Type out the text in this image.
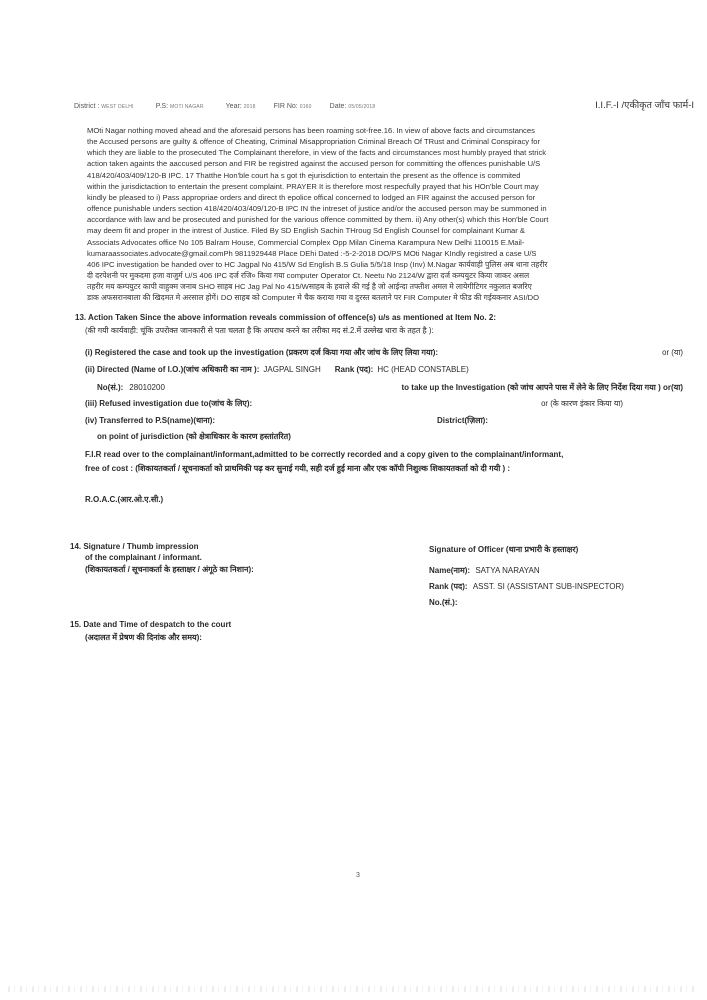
District : WEST DELHI	P.S: MOTI NAGAR	Year: 2018	FIR No: 0160	Date: 05/05/2018	I.I.F.-I /एकीकृत जाँच फार्म-I
MOti Nagar nothing moved ahead and the aforesaid persons has been roaming sot-free.16. In view of above facts and circumstances
the Accused persons are guilty & offence of Cheating, Criminal Misappropriation Criminal Breach Of TRust and Criminal Conspiracy for
which they are liable to the prosecuted The Complainant therefore, in view of the facts and circumstances most humbly prayed that strick
action taken againts the aaccused person and FIR be registred against the accused person for committing the offences punishable U/S
418/420/403/409/120-B IPC. 17 Thatthe Hon'ble court ha s got th ejurisdiction to entertain the present as the offence is commited
within the jurisdictaction to entertain the present complaint. PRAYER It is therefore most respecfully prayed that his HOn'ble Court may
kindly be pleased to i) Pass appropriae orders and direct th epolice offical concerned to lodged an FIR against the accused person for
offence punishable unders section 418/420/403/409/120-B IPC IN the intreset of justice and/or the accused person may be summoned in
accordance with law and be prosecuted and punished for the various offence committed by them. ii) Any other(s) which this Hon'ble Court
may deem fit and proper in the intrest of Justice. Filed By SD English Sachin THroug Sd English Counsel for complainant Kumar &
Associats Advocates office No 105 Balram House, Commercial Complex Opp Milan Cinema Karampura New Delhi 110015 E.Mail-
kumaraassociates.advocate@gmail.comPh 9811929448 Place DEhi Dated :-5-2-2018 DO/PS MOti Nagar KIndly registred a case U/S
406 IPC investigation be handed over to HC Jagpal No 415/W Sd English B.S Gulia 5/5/18 Insp (Inv) M.Nagar कार्यवाही पुलिस अब थाना तहरीर
दी दरपेशनी पर मुकदमा हजा वाजुर्म U/S 406 IPC दर्ज रजि० किया गया computer Operator Ct. Neetu No 2124/W द्वारा दर्ज कम्पयुटर किया जाकर असल
तहरीर मय कम्पयुटर कापी वाहुक्म जनाब SHO साहब HC Jag Pal No 415/Wसाहब के हवाले की गई है जो आईन्दा तफ्तीश अमल मे लायेगीटिगर नकुलात बजरिए
डाक अफसरानबाला की खिदमत मे अरसाल होगें। DO साहब को Computer मे चैक कराया गया व दुरस्त बतलाने पर FIR Computer मे फीड की गईयकनार ASI/DO
13. Action Taken Since the above information reveals commission of offence(s) u/s as mentioned at Item No. 2:
(की गयी कार्यवाही: चूंकि उपरोक्त जानकारी से पता चलता है कि अपराध करने का तरीका मद सं.2.में उल्लेख धारा के तहत है ):
(i) Registered the case and took up the investigation (प्रकरण दर्ज किया गया और जांच के लिए लिया गया):	or (या)
(ii) Directed (Name of I.O.)(जांच अधिकारी का नाम ): JAGPAL SINGH Rank (पद): HC (HEAD CONSTABLE)
No(सं.): 28010200	to take up the Investigation (को जांच आपने पास में लेने के लिए निर्देश दिया गया ) or(या)
(iii) Refused investigation due to(जांच के लिए):	or (के कारण इंकार किया या)
(iv) Transferred to P.S(name)(थाना):	District(ज़िला):
on point of jurisdiction (को क्षेत्राधिकार के कारण हस्तांतरित)
F.I.R read over to the complainant/informant,admitted to be correctly recorded and a copy given to the complainant/informant,
free of cost : (शिकायतकर्ता / सूचनाकर्ता को प्राथमिकी पढ़ कर सुनाई गयी, सही दर्ज हुई माना और एक कॉपी निशुल्क शिकायतकर्ता को दी गयी ) :
R.O.A.C.(आर.ओ.ए.सी.)
14. Signature / Thumb impression
of the complainant / informant.
(शिकायतकर्ता / सूचनाकर्ता के हस्ताक्षर / अंगूठे का निशान):
Signature of Officer (थाना प्रभारी के हस्ताक्षर)
Name(नाम): SATYA NARAYAN
Rank (पद): ASST. SI (ASSISTANT SUB-INSPECTOR)
No.(सं.):
15. Date and Time of despatch to the court
(अदालत में प्रेषण की दिनांक और समय):
3
